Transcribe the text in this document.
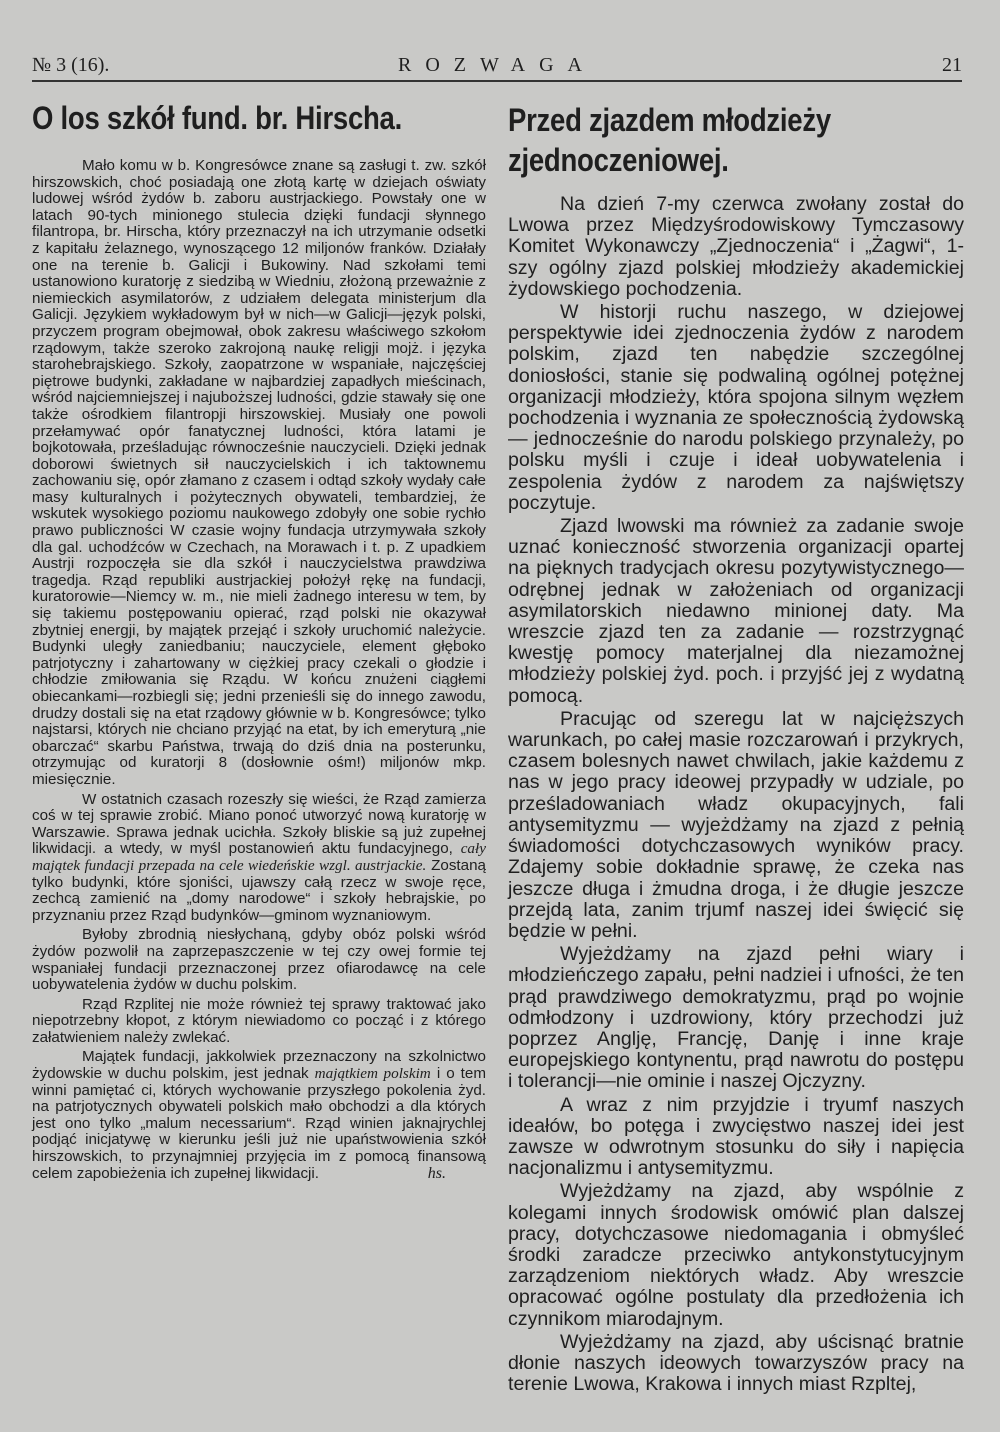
№ 3 (16).	ROZWAGA	21
O los szkół fund. br. Hirscha.

Mało komu w b. Kongresówce znane są zasługi t. zw. szkół hirszowskich, choć posiadają one złotą kartę w dziejach oświaty ludowej wśród żydów b. zaboru austrjackiego. Powstały one w latach 90-tych minionego stulecia dzięki fundacji słynnego filantropa, br. Hirscha, który przeznaczył na ich utrzymanie odsetki z kapitału żelaznego, wynoszącego 12 miljonów franków. Działały one na terenie b. Galicji i Bukowiny. Nad szkołami temi ustanowiono kuratorję z siedzibą w Wiedniu, złożoną przeważnie z niemieckich asymilatorów, z udziałem delegata ministerjum dla Galicji. Językiem wykładowym był w nich—w Galicji—język polski, przyczem program obejmował, obok zakresu właściwego szkołom rządowym, także szeroko zakrojoną naukę religji mojż. i języka starohebrajskiego. Szkoły, zaopatrzone w wspaniałe, najczęściej piętrowe budynki, zakładane w najbardziej zapadłych mieścinach, wśród najciemniejszej i najuboższej ludności, gdzie stawały się one także ośrodkiem filantropji hirszowskiej. Musiały one powoli przełamywać opór fanatycznej ludności, która latami je bojkotowała, prześladując równocześnie nauczycieli. Dzięki jednak doborowi świetnych sił nauczycielskich i ich taktownemu zachowaniu się, opór złamano z czasem i odtąd szkoły wydały całe masy kulturalnych i pożytecznych obywateli, tembardziej, że wskutek wysokiego poziomu naukowego zdobyły one sobie rychło prawo publiczności W czasie wojny fundacja utrzymywała szkoły dla gal. uchodźców w Czechach, na Morawach i t. p. Z upadkiem Austrji rozpoczęła sie dla szkół i nauczycielstwa prawdziwa tragedja. Rząd republiki austrjackiej położył rękę na fundacji, kuratorowie—Niemcy w. m., nie mieli żadnego interesu w tem, by się takiemu postępowaniu opierać, rząd polski nie okazywał zbytniej energji, by majątek przejąć i szkoły uruchomić należycie. Budynki uległy zaniedbaniu; nauczyciele, element głęboko patrjotyczny i zahartowany w ciężkiej pracy czekali o głodzie i chłodzie zmiłowania się Rządu. W końcu znużeni ciągłemi obiecankami—rozbiegli się; jedni przenieśli się do innego zawodu, drudzy dostali się na etat rządowy głównie w b. Kongresówce; tylko najstarsi, których nie chciano przyjąć na etat, by ich emeryturą „nie obarczać“ skarbu Państwa, trwają do dziś dnia na posterunku, otrzymując od kuratorji 8 (dosłownie ośm!) miljonów mkp. miesięcznie.

W ostatnich czasach rozeszły się wieści, że Rząd zamierza coś w tej sprawie zrobić. Miano ponoć utworzyć nową kuratorję w Warszawie. Sprawa jednak ucichła. Szkoły bliskie są już zupełnej likwidacji. a wtedy, w myśl postanowień aktu fundacyjnego, cały majątek fundacji przepada na cele wiedeńskie wzgl. austrjackie. Zostaną tylko budynki, które sjoniści, ujawszy całą rzecz w swoje ręce, zechcą zamienić na „domy narodowe“ i szkoły hebrajskie, po przyznaniu przez Rząd budynków—gminom wyznaniowym.

Byłoby zbrodnią niesłychaną, gdyby obóz polski wśród żydów pozwolił na zaprzepaszczenie w tej czy owej formie tej wspaniałej fundacji przeznaczonej przez ofiarodawcę na cele uobywatelenia żydów w duchu polskim.

Rząd Rzplitej nie może również tej sprawy traktować jako niepotrzebny kłopot, z którym niewiadomo co począć i z którego załatwieniem należy zwlekać.

Majątek fundacji, jakkolwiek przeznaczony na szkolnictwo żydowskie w duchu polskim, jest jednak majątkiem polskim i o tem winni pamiętać ci, których wychowanie przyszłego pokolenia żyd. na patrjotycznych obywateli polskich mało obchodzi a dla których jest ono tylko „malum necessarium“. Rząd winien jaknajrychlej podjąć inicjatywę w kierunku jeśli już nie upaństwowienia szkół hirszowskich, to przynajmniej przyjęcia im z pomocą finansową celem zapobieżenia ich zupełnej likwidacji.	hs.
Przed zjazdem młodzieży zjednoczeniowej.

Na dzień 7-my czerwca zwołany został do Lwowa przez Międzyśrodowiskowy Tymczasowy Komitet Wykonawczy „Zjednoczenia“ i „Żagwi“, 1-szy ogólny zjazd polskiej młodzieży akademickiej żydowskiego pochodzenia.

W historji ruchu naszego, w dziejowej perspektywie idei zjednoczenia żydów z narodem polskim, zjazd ten nabędzie szczególnej doniosłości, stanie się podwaliną ogólnej potężnej organizacji młodzieży, która spojona silnym węzłem pochodzenia i wyznania ze społecznością żydowską — jednocześnie do narodu polskiego przynależy, po polsku myśli i czuje i ideał uobywatelenia i zespolenia żydów z narodem za najświętszy poczytuje.

Zjazd lwowski ma również za zadanie swoje uznać konieczność stworzenia organizacji opartej na pięknych tradycjach okresu pozytywistycznego—odrębnej jednak w założeniach od organizacji asymilatorskich niedawno minionej daty. Ma wreszcie zjazd ten za zadanie — rozstrzygnąć kwestję pomocy materjalnej dla niezamożnej młodzieży polskiej żyd. poch. i przyjść jej z wydatną pomocą.

Pracując od szeregu lat w najcięższych warunkach, po całej masie rozczarowań i przykrych, czasem bolesnych nawet chwilach, jakie każdemu z nas w jego pracy ideowej przypadły w udziale, po prześladowaniach władz okupacyjnych, fali antysemityzmu — wyjeżdżamy na zjazd z pełnią świadomości dotychczasowych wyników pracy. Zdajemy sobie dokładnie sprawę, że czeka nas jeszcze długa i żmudna droga, i że długie jeszcze przejdą lata, zanim trjumf naszej idei święcić się będzie w pełni.

Wyjeżdżamy na zjazd pełni wiary i młodzieńczego zapału, pełni nadziei i ufności, że ten prąd prawdziwego demokratyzmu, prąd po wojnie odmłodzony i uzdrowiony, który przechodzi już poprzez Anglję, Francję, Danję i inne kraje europejskiego kontynentu, prąd nawrotu do postępu i tolerancji—nie ominie i naszej Ojczyzny.

A wraz z nim przyjdzie i tryumf naszych ideałów, bo potęga i zwycięstwo naszej idei jest zawsze w odwrotnym stosunku do siły i napięcia nacjonalizmu i antysemityzmu.

Wyjeżdżamy na zjazd, aby wspólnie z kolegami innych środowisk omówić plan dalszej pracy, dotychczasowe niedomagania i obmyśleć środki zaradcze przeciwko antykonstytucyjnym zarządzeniom niektórych władz. Aby wreszcie opracować ogólne postulaty dla przedłożenia ich czynnikom miarodajnym.

Wyjeżdżamy na zjazd, aby uścisnąć bratnie dłonie naszych ideowych towarzyszów pracy na terenie Lwowa, Krakowa i innych miast Rzpltej,
